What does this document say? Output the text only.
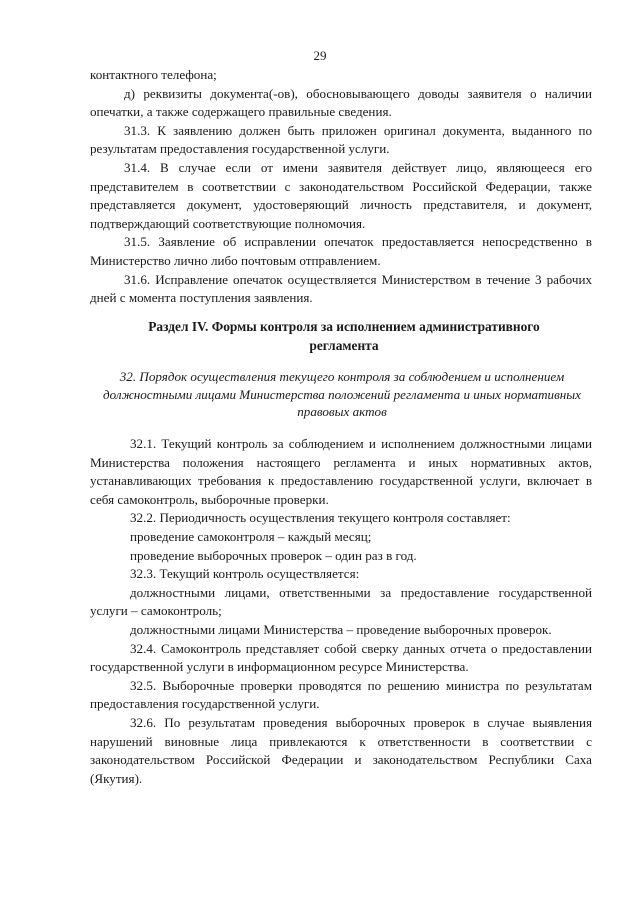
29

контактного телефона;

д) реквизиты документа(-ов), обосновывающего доводы заявителя о наличии опечатки, а также содержащего правильные сведения.

31.3. К заявлению должен быть приложен оригинал документа, выданного по результатам предоставления государственной услуги.

31.4. В случае если от имени заявителя действует лицо, являющееся его представителем в соответствии с законодательством Российской Федерации, также представляется документ, удостоверяющий личность представителя, и документ, подтверждающий соответствующие полномочия.

31.5. Заявление об исправлении опечаток предоставляется непосредственно в Министерство лично либо почтовым отправлением.

31.6. Исправление опечаток осуществляется Министерством в течение 3 рабочих дней с момента поступления заявления.

Раздел IV. Формы контроля за исполнением административного регламента

32. Порядок осуществления текущего контроля за соблюдением и исполнением должностными лицами Министерства положений регламента и иных нормативных правовых актов

32.1. Текущий контроль за соблюдением и исполнением должностными лицами Министерства положения настоящего регламента и иных нормативных актов, устанавливающих требования к предоставлению государственной услуги, включает в себя самоконтроль, выборочные проверки.

32.2. Периодичность осуществления текущего контроля составляет:

проведение самоконтроля – каждый месяц;

проведение выборочных проверок – один раз в год.

32.3. Текущий контроль осуществляется:

должностными лицами, ответственными за предоставление государственной услуги – самоконтроль;

должностными лицами Министерства – проведение выборочных проверок.

32.4. Самоконтроль представляет собой сверку данных отчета о предоставлении государственной услуги в информационном ресурсе Министерства.

32.5. Выборочные проверки проводятся по решению министра по результатам предоставления государственной услуги.

32.6. По результатам проведения выборочных проверок в случае выявления нарушений виновные лица привлекаются к ответственности в соответствии с законодательством Российской Федерации и законодательством Республики Саха (Якутия).
